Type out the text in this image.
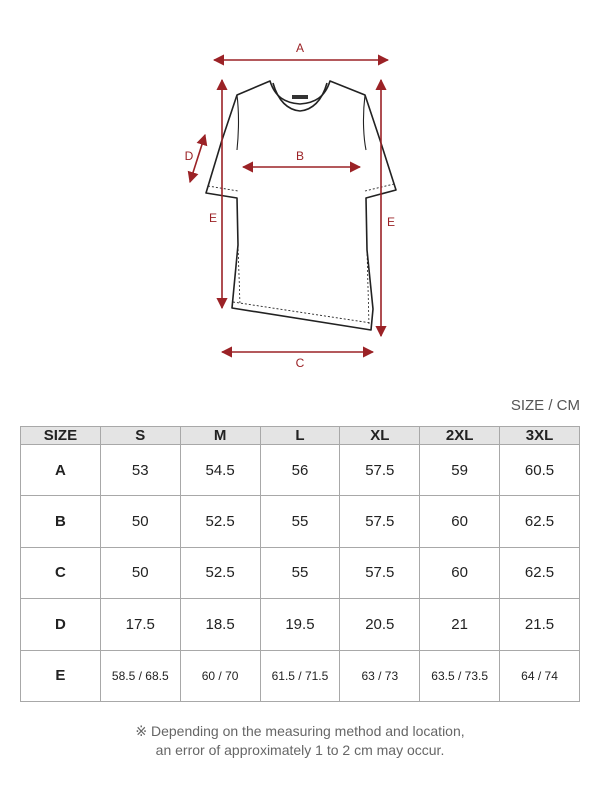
A
B
C
D
E	E
SIZE / CM
SIZE	S	M	L	XL	2XL	3XL
A	53	54.5	56	57.5	59	60.5
B	50	52.5	55	57.5	60	62.5
C	50	52.5	55	57.5	60	62.5
D	17.5	18.5	19.5	20.5	21	21.5
E	58.5 / 68.5	60 / 70	61.5 / 71.5	63 / 73	63.5 / 73.5	64 / 74
※ Depending on the measuring method and location,
an error of approximately 1 to 2 cm may occur.
